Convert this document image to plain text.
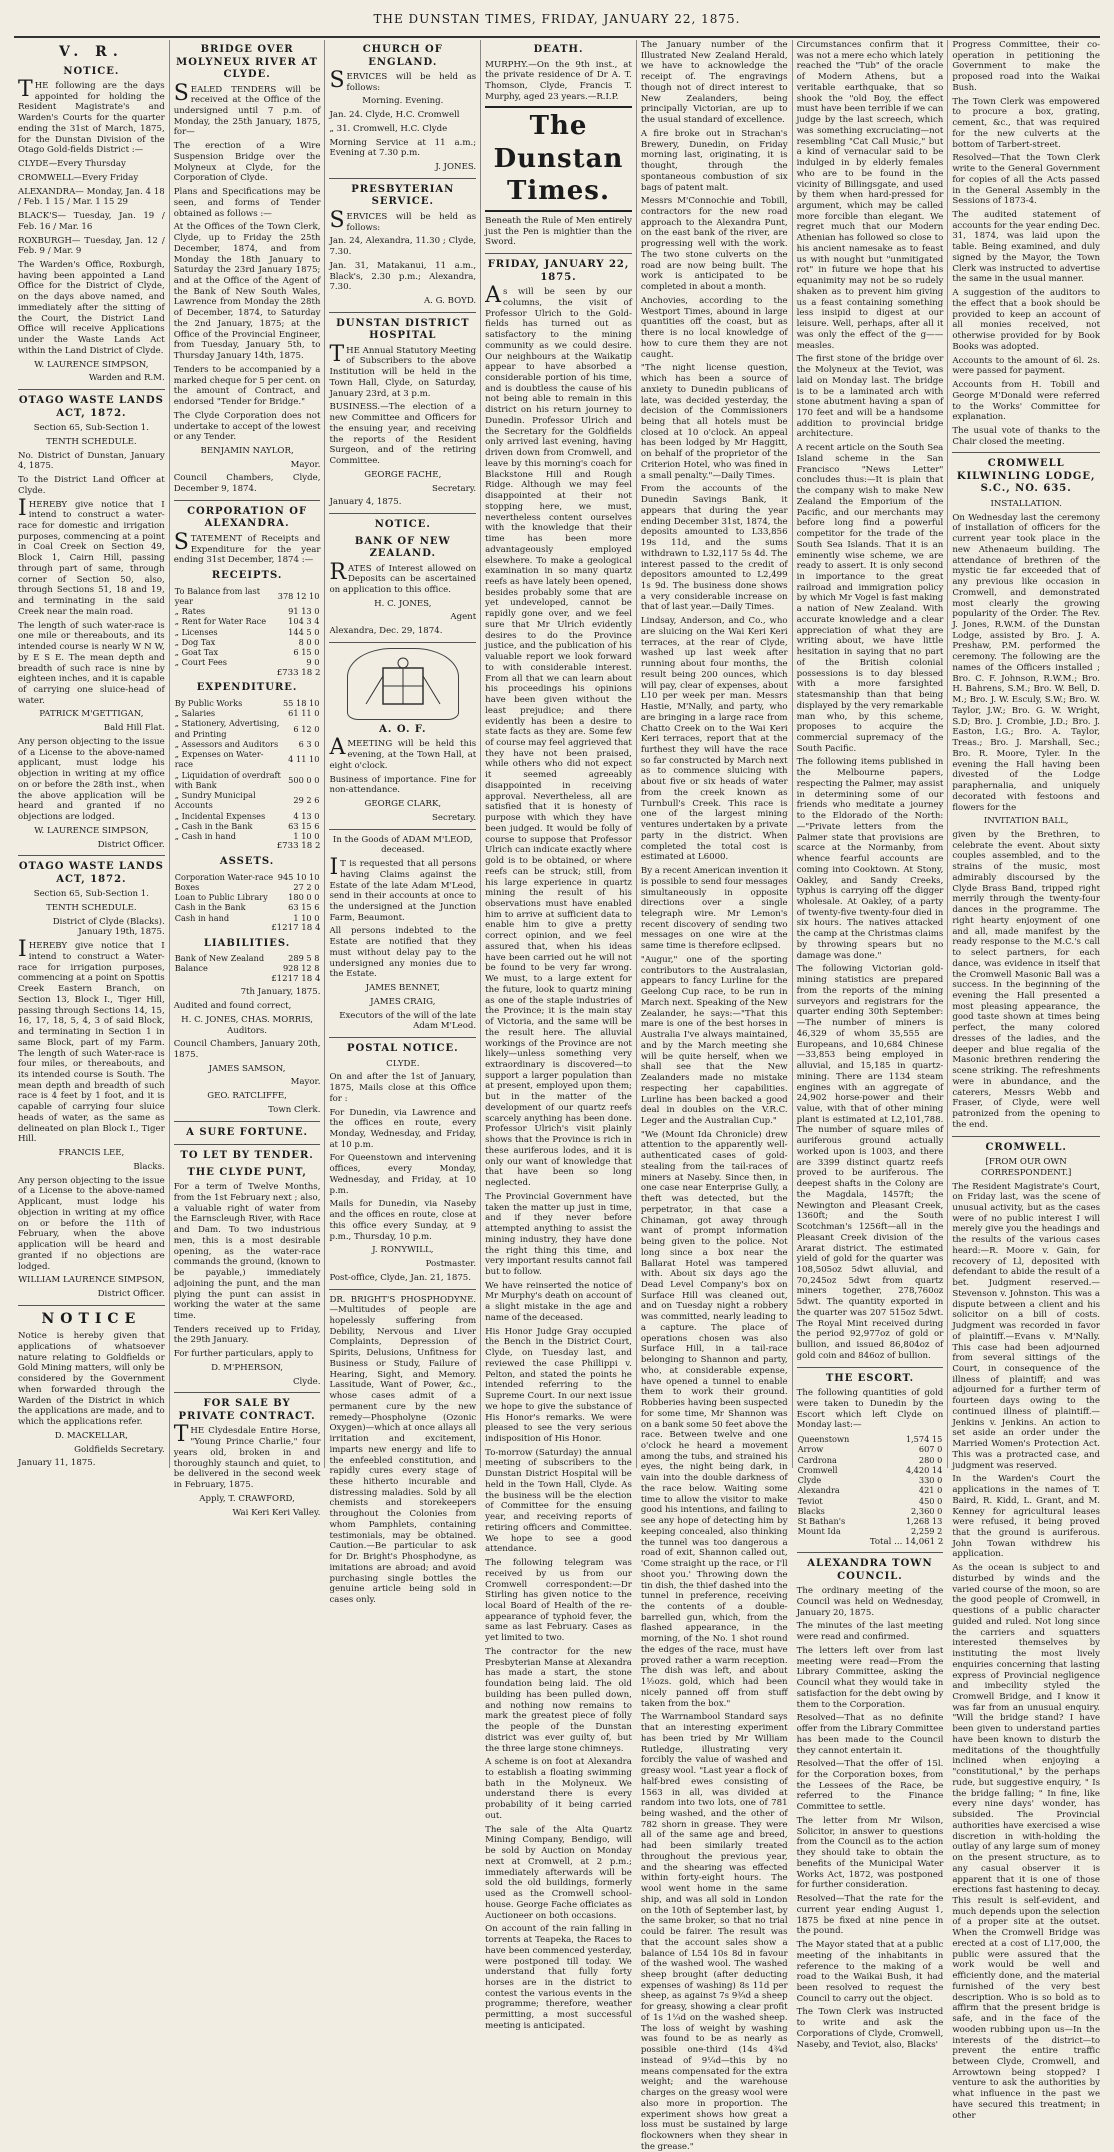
THE DUNSTAN TIMES, FRIDAY, JANUARY 22, 1875.
V. R.
NOTICE.

THE following are the days appointed for holding the Resident Magistrate's and Warden's Courts for the quarter ending the 31st of March, 1875, for the Dunstan Division of the Otago Gold-fields District :—

CLYDE—Every Thursday

CROMWELL—Every Friday

ALEXANDRA— Monday, Jan. 4 18 / Feb. 1 15 / Mar. 1 15 29

BLACK'S— Tuesday, Jan. 19 / Feb. 16 / Mar. 16

ROXBURGH— Tuesday, Jan. 12 / Feb. 9 / Mar. 9

The Warden's Office, Roxburgh, having been appointed a Land Office for the District of Clyde, on the days above named, and immediately after the sitting of the Court, the District Land Office will receive Applications under the Waste Lands Act within the Land District of Clyde.

W. LAURENCE SIMPSON,

Warden and R.M.

OTAGO WASTE LANDS ACT, 1872.

Section 65, Sub-Section 1.

TENTH SCHEDULE.

No. District of Dunstan, January 4, 1875.

To the District Land Officer at Clyde.

IHEREBY give notice that I intend to construct a water-race for domestic and irrigation purposes, commencing at a point in Coal Creek on Section 49, Block 1, Cairn Hill, passing through part of same, through corner of Section 50, also, through Sections 51, 18 and 19, and terminating in the said Creek near the main road.

The length of such water-race is one mile or thereabouts, and its intended course is nearly W N W, by E S E. The mean depth and breadth of such race is nine by eighteen inches, and it is capable of carrying one sluice-head of water.

PATRICK M'GETTIGAN,

Bald Hill Flat.

Any person objecting to the issue of a License to the above-named applicant, must lodge his objection in writing at my office on or before the 28th inst., when the above application will be heard and granted if no objections are lodged.

W. LAURENCE SIMPSON,

District Officer.

OTAGO WASTE LANDS ACT, 1872.

Section 65, Sub-Section 1.

TENTH SCHEDULE.

District of Clyde (Blacks). January 19th, 1875.

IHEREBY give notice that I intend to construct a Water-race for irrigation purposes, commencing at a point on Spottis Creek Eastern Branch, on Section 13, Block I., Tiger Hill, passing through Sections 14, 15, 16, 17, 18, 5, 4, 3 of said Block, and terminating in Section 1 in same Block, part of my Farm. The length of such Water-race is four miles, or thereabouts, and its intended course is South. The mean depth and breadth of such race is 4 feet by 1 foot, and it is capable of carrying four sluice heads of water, as the same as delineated on plan Block I., Tiger Hill.

FRANCIS LEE,

Blacks.

Any person objecting to the issue of a License to the above-named Applicant, must lodge his objection in writing at my office on or before the 11th of February, when the above application will be heard and granted if no objections are lodged.

WILLIAM LAURENCE SIMPSON,

District Officer.

NOTICE

Notice is hereby given that applications of whatsoever nature relating to Goldfields or Gold Mining matters, will only be considered by the Government when forwarded through the Warden of the District in which the applications are made, and to which the applications refer.

D. MACKELLAR,

Goldfields Secretary.

January 11, 1875.

BRIDGE OVER MOLYNEUX RIVER AT CLYDE.

SEALED TENDERS will be received at the Office of the undersigned until 7 p.m. of Monday, the 25th January, 1875, for—

The erection of a Wire Suspension Bridge over the Molyneux at Clyde, for the Corporation of Clyde.

Plans and Specifications may be seen, and forms of Tender obtained as follows :—

At the Offices of the Town Clerk, Clyde, up to Friday the 25th December, 1874, and from Monday the 18th January to Saturday the 23rd January 1875; and at the Office of the Agent of the Bank of New South Wales, Lawrence from Monday the 28th of December, 1874, to Saturday the 2nd January, 1875; at the Office of the Provincial Engineer, from Tuesday, January 5th, to Thursday January 14th, 1875.

Tenders to be accompanied by a marked cheque for 5 per cent. on the amount of Contract, and endorsed "Tender for Bridge."

The Clyde Corporation does not undertake to accept of the lowest or any Tender.

BENJAMIN NAYLOR,

Mayor.

Council Chambers, Clyde, December 9, 1874.

CORPORATION OF ALEXANDRA.

STATEMENT of Receipts and Expenditure for the year ending 31st December, 1874 :—

RECEIPTS.
To Balance from last year	378 12 10
„ Rates	91 13 0
„ Rent for Water Race	104 3 4
„ Licenses	144 5 0
„ Dog Tax	8 0 0
„ Goat Tax	6 15 0
„ Court Fees	9 0

£733 18 2

EXPENDITURE.
By Public Works	55 18 10
„ Salaries	61 11 0
„ Stationery, Advertising, and Printing	6 12 0
„ Assessors and Auditors	6 3 0
„ Expenses on Water-race	4 11 10
„ Liquidation of overdraft with Bank	500 0 0
„ Sundry Municipal Accounts	29 2 6
„ Incidental Expenses	4 13 0
„ Cash in the Bank	63 15 6
„ Cash in hand	1 10 0

£733 18 2

ASSETS.
Corporation Water-race	945 10 10
Boxes	27 2 0
Loan to Public Library	180 0 0
Cash in the Bank	63 15 6
Cash in hand	1 10 0

£1217 18 4

LIABILITIES.
Bank of New Zealand	289 5 8
Balance	928 12 8

£1217 18 4

7th January, 1875.

Audited and found correct,

H. C. JONES, CHAS. MORRIS, Auditors.

Council Chambers, January 20th, 1875.

JAMES SAMSON,

Mayor.

GEO. RATCLIFFE,

Town Clerk.

A SURE FORTUNE.
TO LET BY TENDER.
THE CLYDE PUNT,

For a term of Twelve Months, from the 1st February next ; also, a valuable right of water from the Earnscleugh River, with Race and Dam. To two industrious men, this is a most desirable opening, as the water-race commands the ground, (known to be payable,) immediately adjoining the punt, and the man plying the punt can assist in working the water at the same time.

Tenders received up to Friday, the 29th January.

For further particulars, apply to

D. M'PHERSON,

Clyde.

FOR SALE BY PRIVATE CONTRACT.

THE Clydesdale Entire Horse, "Young Prince Charlie," four years old, broken in and thoroughly staunch and quiet, to be delivered in the second week in February, 1875.

Apply, T. CRAWFORD,

Wai Keri Keri Valley.

CHURCH OF ENGLAND.

SERVICES will be held as follows:

Morning. Evening.

Jan. 24. Clyde, H.C. Cromwell

„ 31. Cromwell, H.C. Clyde

Morning Service at 11 a.m.; Evening at 7.30 p.m.

J. JONES.

PRESBYTERIAN SERVICE.

SERVICES will be held as follows:

Jan. 24, Alexandra, 11.30 ; Clyde, 7.30.

Jan. 31, Matakanui, 11 a.m., Black's, 2.30 p.m.; Alexandra, 7.30.

A. G. BOYD.

DUNSTAN DISTRICT HOSPITAL

THE Annual Statutory Meeting of Subscribers to the above Institution will be held in the Town Hall, Clyde, on Saturday, January 23rd, at 3 p.m.

BUSINESS.—The election of a new Committee and Officers for the ensuing year, and receiving the reports of the Resident Surgeon, and of the retiring Committee.

GEORGE FACHE,

Secretary.

January 4, 1875.

NOTICE.
BANK OF NEW ZEALAND.

RATES of Interest allowed on Deposits can be ascertained on application to this office.

H. C. JONES,

Agent

Alexandra, Dec. 29, 1874.

A. O. F.

AMEETING will be held this evening, at the Town Hall, at eight o'clock.

Business of importance. Fine for non-attendance.

GEORGE CLARK,

Secretary.

In the Goods of ADAM M'LEOD, deceased.

IT is requested that all persons having Claims against the Estate of the late Adam M'Leod, send in their accounts at once to the undersigned at the Junction Farm, Beaumont.

All persons indebted to the Estate are notified that they must without delay pay to the undersigned any monies due to the Estate.

JAMES BENNET,

JAMES CRAIG,

Executors of the will of the late Adam M'Leod.

POSTAL NOTICE.

CLYDE.

On and after the 1st of January, 1875, Mails close at this Office for :

For Dunedin, via Lawrence and the offices en route, every Monday, Wednesday, and Friday, at 10 p.m.

For Queenstown and intervening offices, every Monday, Wednesday, and Friday, at 10 p.m.

Mails for Dunedin, via Naseby and the offices en route, close at this office every Sunday, at 9 p.m., Thursday, 10 p.m.

J. RONYWILL,

Postmaster.

Post-office, Clyde, Jan. 21, 1875.

DR. BRIGHT'S PHOSPHODYNE.—Multitudes of people are hopelessly suffering from Debility, Nervous and Liver Complaints, Depression of Spirits, Delusions, Unfitness for Business or Study, Failure of Hearing, Sight, and Memory. Lassitude, Want of Power, &c., whose cases admit of a permanent cure by the new remedy—Phospholyne (Ozonic Oxygen)—which at once allays all irritation and excitement, imparts new energy and life to the enfeebled constitution, and rapidly cures every stage of these hitherto incurable and distressing maladies. Sold by all chemists and storekeepers throughout the Colonies from whom Pamphlets, containing testimonials, may be obtained. Caution.—Be particular to ask for Dr. Bright's Phosphodyne, as imitations are abroad; and avoid purchasing single bottles the genuine article being sold in cases only.

DEATH.

MURPHY.—On the 9th inst., at the private residence of Dr A. T. Thomson, Clyde, Francis T. Murphy, aged 23 years.—R.I.P.

The Dunstan Times.

Beneath the Rule of Men entirely just the Pen is mightier than the Sword.

FRIDAY, JANUARY 22, 1875.

As will be seen by our columns, the visit of Professor Ulrich to the Gold-fields has turned out as satisfactory to the mining community as we could desire. Our neighbours at the Waikatip appear to have absorbed a considerable portion of his time, and is doubtless the cause of his not being able to remain in this district on his return journey to Dunedin. Professor Ulrich and the Secretary for the Goldfields only arrived last evening, having driven down from Cromwell, and leave by this morning's coach for Blackstone Hill and Rough Ridge. Although we may feel disappointed at their not stopping here, we must, nevertheless content ourselves with the knowledge that their time has been more advantageously employed elsewhere. To make a geological examination in so many quartz reefs as have lately been opened, besides probably some that are yet undeveloped, cannot be rapidly gone over, and we feel sure that Mr Ulrich evidently desires to do the Province justice, and the publication of his valuable report we look forward to with considerable interest. From all that we can learn about his proceedings his opinions have been given without the least prejudice; and there evidently has been a desire to state facts as they are. Some few of course may feel aggrieved that they have not been praised, while others who did not expect it seemed agreeably disappointed in receiving approval. Nevertheless, all are satisfied that it is honesty of purpose with which they have been judged. It would be folly of course to suppose that Professor Ulrich can indicate exactly where gold is to be obtained, or where reefs can be struck; still, from his large experience in quartz mining the result of his observations must have enabled him to arrive at sufficient data to enable him to give a pretty correct opinion, and we feel assured that, when his ideas have been carried out he will not be found to be very far wrong. We must, to a large extent for the future, look to quartz mining as one of the staple industries of the Province; it is the main stay of Victoria, and the same will be the result here. The alluvial workings of the Province are not likely—unless something very extraordinary is discovered—to support a larger population than at present, employed upon them; but in the matter of the development of our quartz reefs scarcely anything has been done. Professor Ulrich's visit plainly shows that the Province is rich in these auriferous lodes, and it is only our want of knowledge that that have been so long neglected.

The Provincial Government have taken the matter up just in time, and if they never before attempted anything to assist the mining industry, they have done the right thing this time, and very important results cannot fail but to follow.

We have reinserted the notice of Mr Murphy's death on account of a slight mistake in the age and name of the deceased.

His Honor Judge Gray occupied the Bench in the District Court, Clyde, on Tuesday last, and reviewed the case Phillippi v. Pelton, and stated the points he intended referring to the Supreme Court. In our next issue we hope to give the substance of His Honor's remarks. We were pleased to see the very serious indisposition of His Honor.

To-morrow (Saturday) the annual meeting of subscribers to the Dunstan District Hospital will be held in the Town Hall, Clyde. As the business will be the election of Committee for the ensuing year, and receiving reports of retiring officers and Committee. We hope to see a good attendance.

The following telegram was received by us from our Cromwell correspondent:—Dr Stirling has given notice to the local Board of Health of the re-appearance of typhoid fever, the same as last February. Cases as yet limited to two.

The contractor for the new Presbyterian Manse at Alexandra has made a start, the stone foundation being laid. The old building has been pulled down, and nothing now remains to mark the greatest piece of folly the people of the Dunstan district was ever guilty of, but the three large stone chimneys.

A scheme is on foot at Alexandra to establish a floating swimming bath in the Molyneux. We understand there is every probability of it being carried out.

The sale of the Alta Quartz Mining Company, Bendigo, will be sold by Auction on Monday next at Cromwell, at 2 p.m.; immediately afterwards will be sold the old buildings, formerly used as the Cromwell school-house. George Fache officiates as Auctioneer on both occasions.

On account of the rain falling in torrents at Teapeka, the Races to have been commenced yesterday, were postponed till today. We understand that fully forty horses are in the district to contest the various events in the programme; therefore, weather permitting, a most successful meeting is anticipated.

The January number of the Illustrated New Zealand Herald, we have to acknowledge the receipt of. The engravings though not of direct interest to New Zealanders, being principally Victorian, are up to the usual standard of excellence.

A fire broke out in Strachan's Brewery, Dunedin, on Friday morning last, originating, it is thought, through the spontaneous combustion of six bags of patent malt.

Messrs M'Connochie and Tobill, contractors for the new road approach to the Alexandra Punt, on the east bank of the river, are progressing well with the work. The two stone culverts on the road are now being built. The work is anticipated to be completed in about a month.

Anchovies, according to the Westport Times, abound in large quantities off the coast, but as there is no local knowledge of how to cure them they are not caught.

"The night license question, which has been a source of anxiety to Dunedin publicans of late, was decided yesterday, the decision of the Commissioners being that all hotels must be closed at 10 o'clock. An appeal has been lodged by Mr Haggitt, on behalf of the proprietor of the Criterion Hotel, who was fined in a small penalty."—Daily Times.

From the accounts of the Dunedin Savings Bank, it appears that during the year ending December 31st, 1874, the deposits amounted to L33,856 19s 11d, and the sums withdrawn to L32,117 5s 4d. The interest passed to the credit of depositors amounted to L2,499 1s 9d. The business done shows a very considerable increase on that of last year.—Daily Times.

Lindsay, Anderson, and Co., who are sluicing on the Wai Keri Keri terraces, at the rear of Clyde, washed up last week after running about four months, the result being 200 ounces, which will pay, clear of expenses, about L10 per week per man. Messrs Hastie, M'Nally, and party, who are bringing in a large race from Chatto Creek on to the Wai Keri Keri terraces, report that at the furthest they will have the race so far constructed by March next as to commence sluicing with about five or six heads of water from the creek known as Turnbull's Creek. This race is one of the largest mining ventures undertaken by a private party in the district. When completed the total cost is estimated at L6000.

By a recent American invention it is possible to send four messages simultaneously in opposite directions over a single telegraph wire. Mr Lemon's recent discovery of sending two messages on one wire at the same time is therefore eclipsed.

"Augur," one of the sporting contributors to the Australasian, appears to fancy Lurline for the Geelong Cup race, to be run in March next. Speaking of the New Zealander, he says:—"That this mare is one of the best horses in Australia I've always maintained, and by the March meeting she will be quite herself, when we shall see that the New Zealanders made no mistake respecting her capabilities. Lurline has been backed a good deal in doubles on the V.R.C. Leger and the Australian Cup."

"We (Mount Ida Chronicle) drew attention to the apparently well-authenticated cases of gold-stealing from the tail-races of miners at Naseby. Since then, in one case near Enterprise Gully, a theft was detected, but the perpetrator, in that case a Chinaman, got away through want of prompt information being given to the police. Not long since a box near the Ballarat Hotel was tampered with. About six days ago the Dead Level Company's box on Surface Hill was cleaned out, and on Tuesday night a robbery was committed, nearly leading to a capture. The place of operations chosen was also Surface Hill, in a tail-race belonging to Shannon and party, who, at considerable expense, have opened a tunnel to enable them to work their ground. Robberies having been suspected for some time, Mr Shannon was on a bank some 50 feet above the race. Between twelve and one o'clock he heard a movement among the tubs, and strained his eyes, the night being dark, in vain into the double darkness of the race below. Waiting some time to allow the visitor to make good his intentions, and failing to see any hope of detecting him by keeping concealed, also thinking the tunnel was too dangerous a road of exit, Shannon called out, 'Come straight up the race, or I'll shoot you.' Throwing down the tin dish, the thief dashed into the tunnel in preference, receiving the contents of a double-barrelled gun, which, from the flashed appearance, in the morning, of the No. 1 shot round the edges of the race, must have proved rather a warm reception. The dish was left, and about 1½ozs. gold, which had been nicely panned off from stuff taken from the box."

The Warrnambool Standard says that an interesting experiment has been tried by Mr William Rutledge, illustrating very forcibly the value of washed and greasy wool. "Last year a flock of half-bred ewes consisting of 1563 in all, was divided at random into two lots, one of 781 being washed, and the other of 782 shorn in grease. They were all of the same age and breed, had been similarly treated throughout the previous year, and the shearing was effected within forty-eight hours. The wool went home in the same ship, and was all sold in London on the 10th of September last, by the same broker, so that no trial could be fairer. The result was that the account sales show a balance of L54 10s 8d in favour of the washed wool. The washed sheep brought (after deducting expenses of washing) 8s 11d per sheep, as against 7s 9¾d a sheep for greasy, showing a clear profit of 1s 1¼d on the washed sheep. The loss of weight by washing was found to be as nearly as possible one-third (14s 4¾d instead of 9¼d—this by no means compensated for the extra weight; and the warehouse charges on the greasy wool were also more in proportion. The experiment shows how great a loss must be sustained by large flockowners when they shear in the grease."

Circumstances confirm that it was not a mere echo which lately reached the "Tub" of the oracle of Modern Athens, but a veritable earthquake, that so shook the "old Boy, the effect must have been terrible if we can judge by the last screech, which was something excruciating—not resembling "Cat Call Music," but a kind of vernacular said to be indulged in by elderly females who are to be found in the vicinity of Billingsgate, and used by them when hard-pressed for argument, which may be called more forcible than elegant. We regret much that our Modern Athenian has followed so close to his ancient namesake as to feast us with nought but "unmitigated rot" in future we hope that his equanimity may not be so rudely shaken as to prevent him giving us a feast containing something less insipid to digest at our leisure. Well, perhaps, after all it was only the effect of the g—— measles.

The first stone of the bridge over the Molyneux at the Teviot, was laid on Monday last. The bridge is to be a laminated arch with stone abutment having a span of 170 feet and will be a handsome addition to provincial bridge architecture.

A recent article on the South Sea Island scheme in the San Francisco "News Letter" concludes thus:—It is plain that the company wish to make New Zealand the Emporium of the Pacific, and our merchants may before long find a powerful competitor for the trade of the South Sea Islands. That it is an eminently wise scheme, we are ready to assert. It is only second in importance to the great railroad and immigration policy by which Mr Vogel is fast making a nation of New Zealand. With accurate knowledge and a clear appreciation of what they are writing about, we have little hesitation in saying that no part of the British colonial possessions is to day blessed with a more farsighted statesmanship than that being displayed by the very remarkable man who, by this scheme, proposes to acquire the commercial supremacy of the South Pacific.

The following items published in the Melbourne papers, respecting the Palmer, may assist in determining some of our friends who meditate a journey to the Eldorado of the North:—"Private letters from the Palmer state that provisions are scarce at the Normanby, from whence fearful accounts are coming into Cooktown. At Stony, Oakley, and Sandy Creeks, typhus is carrying off the digger wholesale. At Oakley, of a party of twenty-five twenty-four died in six hours. The natives attacked the camp at the Christmas claims by throwing spears but no damage was done."

The following Victorian gold-mining statistics are prepared from the reports of the mining surveyors and registrars for the quarter ending 30th September:—The number of miners is 46,329 of whom 35,555 are Europeans, and 10,684 Chinese—33,853 being employed in alluvial, and 15,185 in quartz-mining. There are 1134 steam engines with an aggregate of 24,902 horse-power and their value, with that of other mining plant is estimated at L2,101,788. The number of square miles of auriferous ground actually worked upon is 1003, and there are 3399 distinct quartz reefs proved to be auriferous. The deepest shafts in the Colony are the Magdala, 1457ft; the Newington and Pleasant Creek, 1360ft; and the South Scotchman's 1256ft—all in the Pleasant Creek division of the Ararat district. The estimated yield of gold for the quarter was 108,505oz 5dwt alluvial, and 70,245oz 5dwt from quartz miners together, 278,760oz 5dwt. The quantity exported in the quarter was 207 515oz 5dwt. The Royal Mint received during the period 92,977oz of gold or bullion, and issued 86,804oz of gold coin and 846oz of bullion.

THE ESCORT.

The following quantities of gold were taken to Dunedin by the Escort which left Clyde on Monday last:—

Queenstown	1,574 15
Arrow	607 0
Cardrona	280 0
Cromwell	4,420 14
Clyde	330 0
Alexandra	421 0
Teviot	450 0
Blacks	2,360 0
St Bathan's	1,268 13
Mount Ida	2,259 2

Total ... 14,061 2

ALEXANDRA TOWN COUNCIL.

The ordinary meeting of the Council was held on Wednesday, January 20, 1875.

The minutes of the last meeting were read and confirmed.

The letters left over from last meeting were read—From the Library Committee, asking the Council what they would take in satisfaction for the debt owing by them to the Corporation.

Resolved—That as no definite offer from the Library Committee has been made to the Council they cannot entertain it.

Resolved—That the offer of 15l. for the Corporation boxes, from the Lessees of the Race, be referred to the Finance Committee to settle.

The letter from Mr Wilson, Solicitor, in answer to questions from the Council as to the action they should take to obtain the benefits of the Municipal Water Works Act, 1872, was postponed for further consideration.

Resolved—That the rate for the current year ending August 1, 1875 be fixed at nine pence in the pound.

The Mayor stated that at a public meeting of the inhabitants in reference to the making of a road to the Waikai Bush, it had been resolved to request the Council to carry out the object.

The Town Clerk was instructed to write and ask the Corporations of Clyde, Cromwell, Naseby, and Teviot, also, Blacks'

Progress Committee, their co-operation in petitioning the Government to make the proposed road into the Waikai Bush.

The Town Clerk was empowered to procure a box, grating, cement, &c., that was required for the new culverts at the bottom of Tarbert-street.

Resolved—That the Town Clerk write to the General Government for copies of all the Acts passed in the General Assembly in the Sessions of 1873-4.

The audited statement of accounts for the year ending Dec. 31, 1874, was laid upon the table. Being examined, and duly signed by the Mayor, the Town Clerk was instructed to advertise the same in the usual manner.

A suggestion of the auditors to the effect that a book should be provided to keep an account of all monies received, not otherwise provided for by Book Books was adopted.

Accounts to the amount of 6l. 2s. were passed for payment.

Accounts from H. Tobill and George M'Donald were referred to the Works' Committee for explanation.

The usual vote of thanks to the Chair closed the meeting.

CROMWELL KILWINLING LODGE, S.C., NO. 635.

INSTALLATION.

On Wednesday last the ceremony of installation of officers for the current year took place in the new Athenaeum building. The attendance of brethren of the mystic tie far exceeded that of any previous like occasion in Cromwell, and demonstrated most clearly the growing popularity of the Order. The Rev. J. Jones, R.W.M. of the Dunstan Lodge, assisted by Bro. J. A. Preshaw, P.M. performed the ceremony. The following are the names of the Officers installed ; Bro. C. F. Johnson, R.W.M.; Bro. H. Bahrens, S.M.; Bro. W. Bell, D. M.; Bro. J. W. Esculy, S.W.; Bro. W. Taylor, J.W.; Bro. G. W. Wright, S.D; Bro. J. Crombie, J.D.; Bro. J. Easton, I.G.; Bro. A. Taylor, Treas.; Bro. J. Marshall, Sec.; Bro. R. Moore, Tyler. In the evening the Hall having been divested of the Lodge paraphernalia, and uniquely decorated with festoons and flowers for the

INVITATION BALL,

given by the Brethren, to celebrate the event. About sixty couples assembled, and to the strains of the music, most admirably discoursed by the Clyde Brass Band, tripped right merrily through the twenty-four dances in the programme. The right hearty enjoyment of one and all, made manifest by the ready response to the M.C.'s call to select partners, for each dance, was evidence in itself that the Cromwell Masonic Ball was a success. In the beginning of the evening the Hall presented a most pleasing appearance, the good taste shown at times being perfect, the many colored dresses of the ladies, and the deeper and blue regalia of the Masonic brethren rendering the scene striking. The refreshments were in abundance, and the caterers, Messrs Webb and Fraser, of Clyde, were well patronized from the opening to the end.

CROMWELL.

[FROM OUR OWN CORRESPONDENT.]

The Resident Magistrate's Court, on Friday last, was the scene of unusual activity, but as the cases were of no public interest I will merely give you the headings and the results of the various cases heard:—R. Moore v. Gain, for recovery of Ll, deposited with defendant to abide the result of a bet. Judgment reserved.—Stevenson v. Johnston. This was a dispute between a client and his solicitor on a bill of costs. Judgment was recorded in favor of plaintiff.—Evans v. M'Nally. This case had been adjourned from several sittings of the Court, in consequence of the illness of plaintiff; and was adjourned for a further term of fourteen days owing to the continued illness of plaintiff.—Jenkins v. Jenkins. An action to set aside an order under the Married Women's Protection Act. This was a protracted case, and judgment was reserved.

In the Warden's Court the applications in the names of T. Baird, R. Kidd, L. Grant, and M. Kenney for agricultural leases were refused, it being proved that the ground is auriferous. John Towan withdrew his application.

As the ocean is subject to and disturbed by winds and the varied course of the moon, so are the good people of Cromwell, in questions of a public character guided and ruled. Not long since the carriers and squatters interested themselves by instituting the most lively enquiries concerning that lasting express of Provincial negligence and imbecility styled the Cromwell Bridge, and I know it was far from an unusual enquiry. "Will the bridge stand? I have been given to understand parties have been known to disturb the meditations of the thoughtfully inclined when enjoying a "constitutional," by the perhaps rude, but suggestive enquiry, " Is the bridge falling; " In fine, like every nine days' wonder, has subsided. The Provincial authorities have exercised a wise discretion in with-holding the outlay of any large sum of money on the present structure, as to any casual observer it is apparent that it is one of those erections fast hastening to decay. This result is self-evident, and much depends upon the selection of a proper site at the outset. When the Cromwell Bridge was erected at a cost of L17,000, the public were assured that the work would be well and efficiently done, and the material furnished of the very best description. Who is so bold as to affirm that the present bridge is safe, and in the face of the wooden rubbing upon us—In the interests of the district—to prevent the entire traffic between Clyde, Cromwell, and Arrowtown being stopped? I venture to ask the authorities by what influence in the past we have secured this treatment; in other
